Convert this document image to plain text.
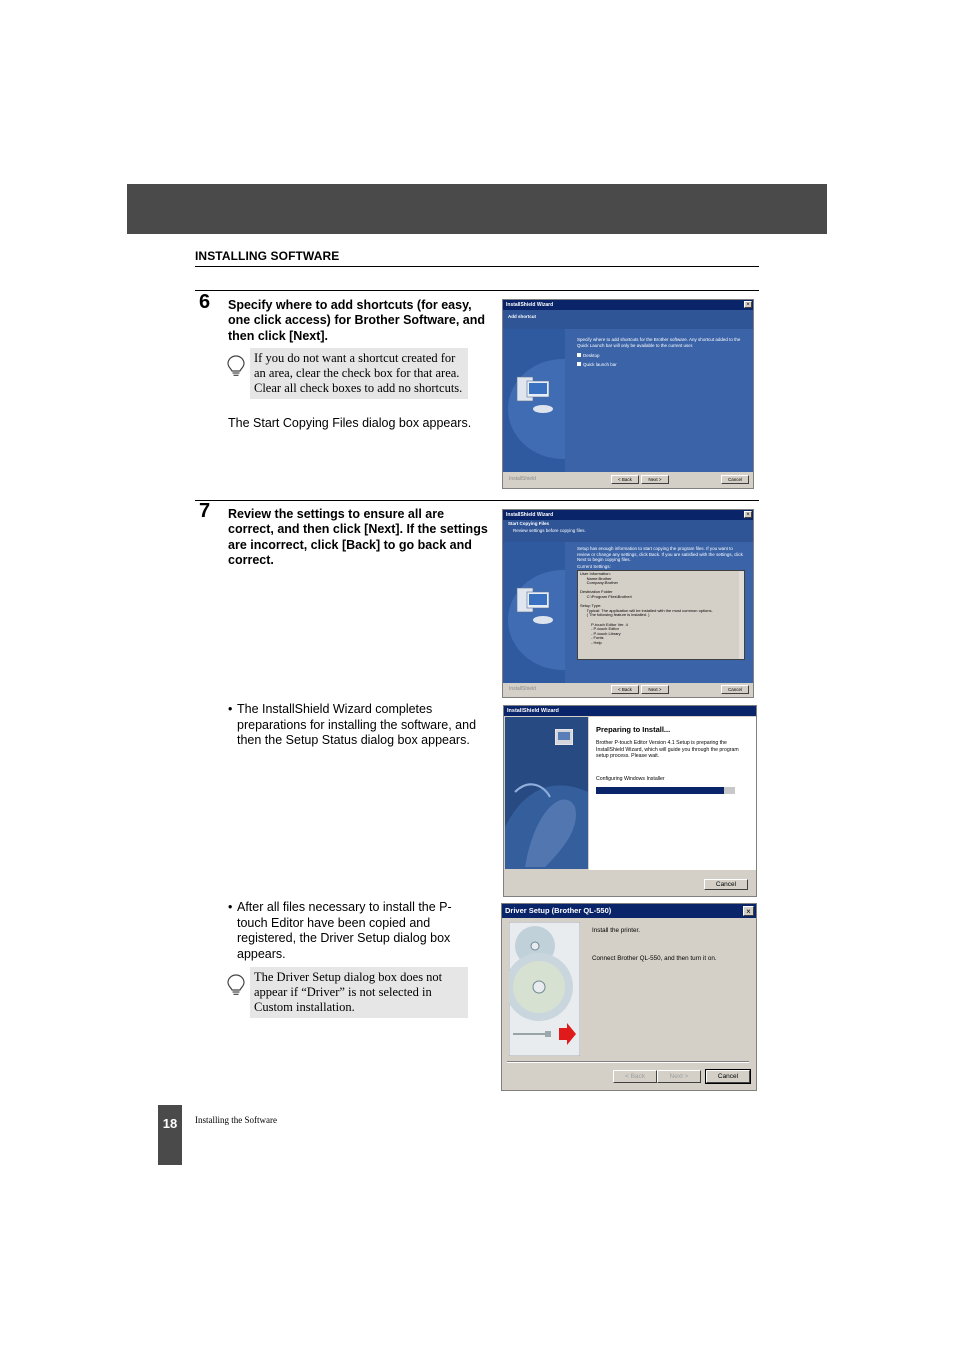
INSTALLING SOFTWARE
6 Specify where to add shortcuts (for easy, one click access) for Brother Software, and then click [Next].
If you do not want a shortcut created for an area, clear the check box for that area. Clear all check boxes to add no shortcuts.
The Start Copying Files dialog box appears.
InstallShield Wizard	×
Add shortcut
Specify where to add shortcuts for the Brother software. Any shortcut added to the Quick Launch bar will only be available to the current user.
Desktop
Quick launch bar
InstallShield	< Back	Next >	Cancel
7 Review the settings to ensure all are correct, and then click [Next]. If the settings are incorrect, click [Back] to go back and correct.
InstallShield Wizard	×
Start Copying Files
Review settings before copying files.
Setup has enough information to start copying the program files. If you want to review or change any settings, click Back. If you are satisfied with the settings, click Next to begin copying files.
Current Settings:
User Information:
Name:Brother
Company:Brother

Destination Folder
C:\Program Files\Brother\

Setup Type:
Typical: The application will be installed with the most common options.
( The following feature is installed. )

P-touch Editor Ver. 4
- P-touch Editor
- P-touch Library
- Fonts
- Help
InstallShield	< Back	Next >	Cancel
• The InstallShield Wizard completes preparations for installing the software, and then the Setup Status dialog box appears.
InstallShield Wizard
Preparing to Install...
Brother P-touch Editor Version 4.1 Setup is preparing the InstallShield Wizard, which will guide you through the program setup process. Please wait.
Configuring Windows Installer
Cancel
• After all files necessary to install the P-touch Editor have been copied and registered, the Driver Setup dialog box appears.
The Driver Setup dialog box does not appear if “Driver” is not selected in Custom installation.
Driver Setup (Brother QL-550)	×
Install the printer.
Connect Brother QL-550, and then turn it on.
< Back	Next >	Cancel
18	Installing the Software
